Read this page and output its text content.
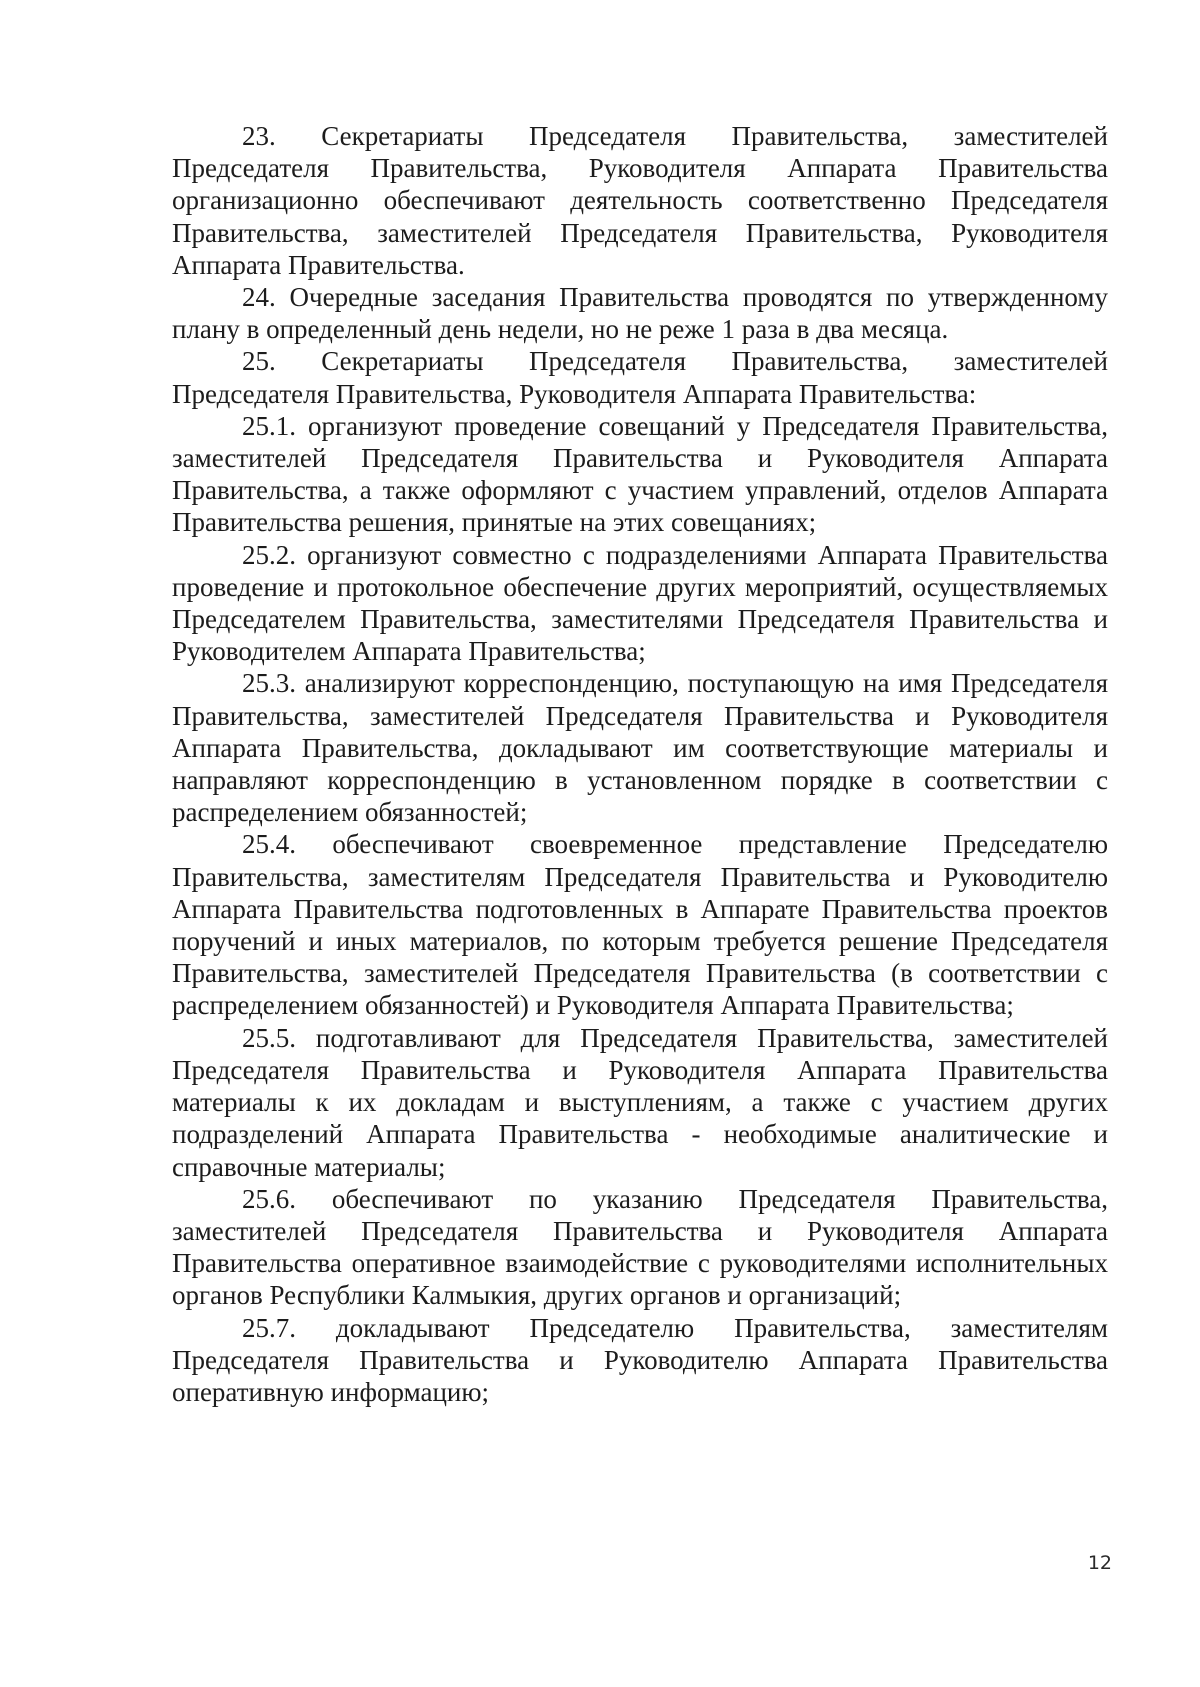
23. Секретариаты Председателя Правительства, заместителей Председателя Правительства, Руководителя Аппарата Правительства организационно обеспечивают деятельность соответственно Председателя Правительства, заместителей Председателя Правительства, Руководителя Аппарата Правительства.

24. Очередные заседания Правительства проводятся по утвержденному плану в определенный день недели, но не реже 1 раза в два месяца.

25. Секретариаты Председателя Правительства, заместителей Председателя Правительства, Руководителя Аппарата Правительства:

25.1. организуют проведение совещаний у Председателя Правительства, заместителей Председателя Правительства и Руководителя Аппарата Правительства, а также оформляют с участием управлений, отделов Аппарата Правительства решения, принятые на этих совещаниях;

25.2. организуют совместно с подразделениями Аппарата Правительства проведение и протокольное обеспечение других мероприятий, осуществляемых Председателем Правительства, заместителями Председателя Правительства и Руководителем Аппарата Правительства;

25.3. анализируют корреспонденцию, поступающую на имя Председателя Правительства, заместителей Председателя Правительства и Руководителя Аппарата Правительства, докладывают им соответствующие материалы и направляют корреспонденцию в установленном порядке в соответствии с распределением обязанностей;

25.4. обеспечивают своевременное представление Председателю Правительства, заместителям Председателя Правительства и Руководителю Аппарата Правительства подготовленных в Аппарате Правительства проектов поручений и иных материалов, по которым требуется решение Председателя Правительства, заместителей Председателя Правительства (в соответствии с распределением обязанностей) и Руководителя Аппарата Правительства;

25.5. подготавливают для Председателя Правительства, заместителей Председателя Правительства и Руководителя Аппарата Правительства материалы к их докладам и выступлениям, а также с участием других подразделений Аппарата Правительства - необходимые аналитические и справочные материалы;

25.6. обеспечивают по указанию Председателя Правительства, заместителей Председателя Правительства и Руководителя Аппарата Правительства оперативное взаимодействие с руководителями исполнительных органов Республики Калмыкия, других органов и организаций;

25.7. докладывают Председателю Правительства, заместителям Председателя Правительства и Руководителю Аппарата Правительства оперативную информацию;

12
